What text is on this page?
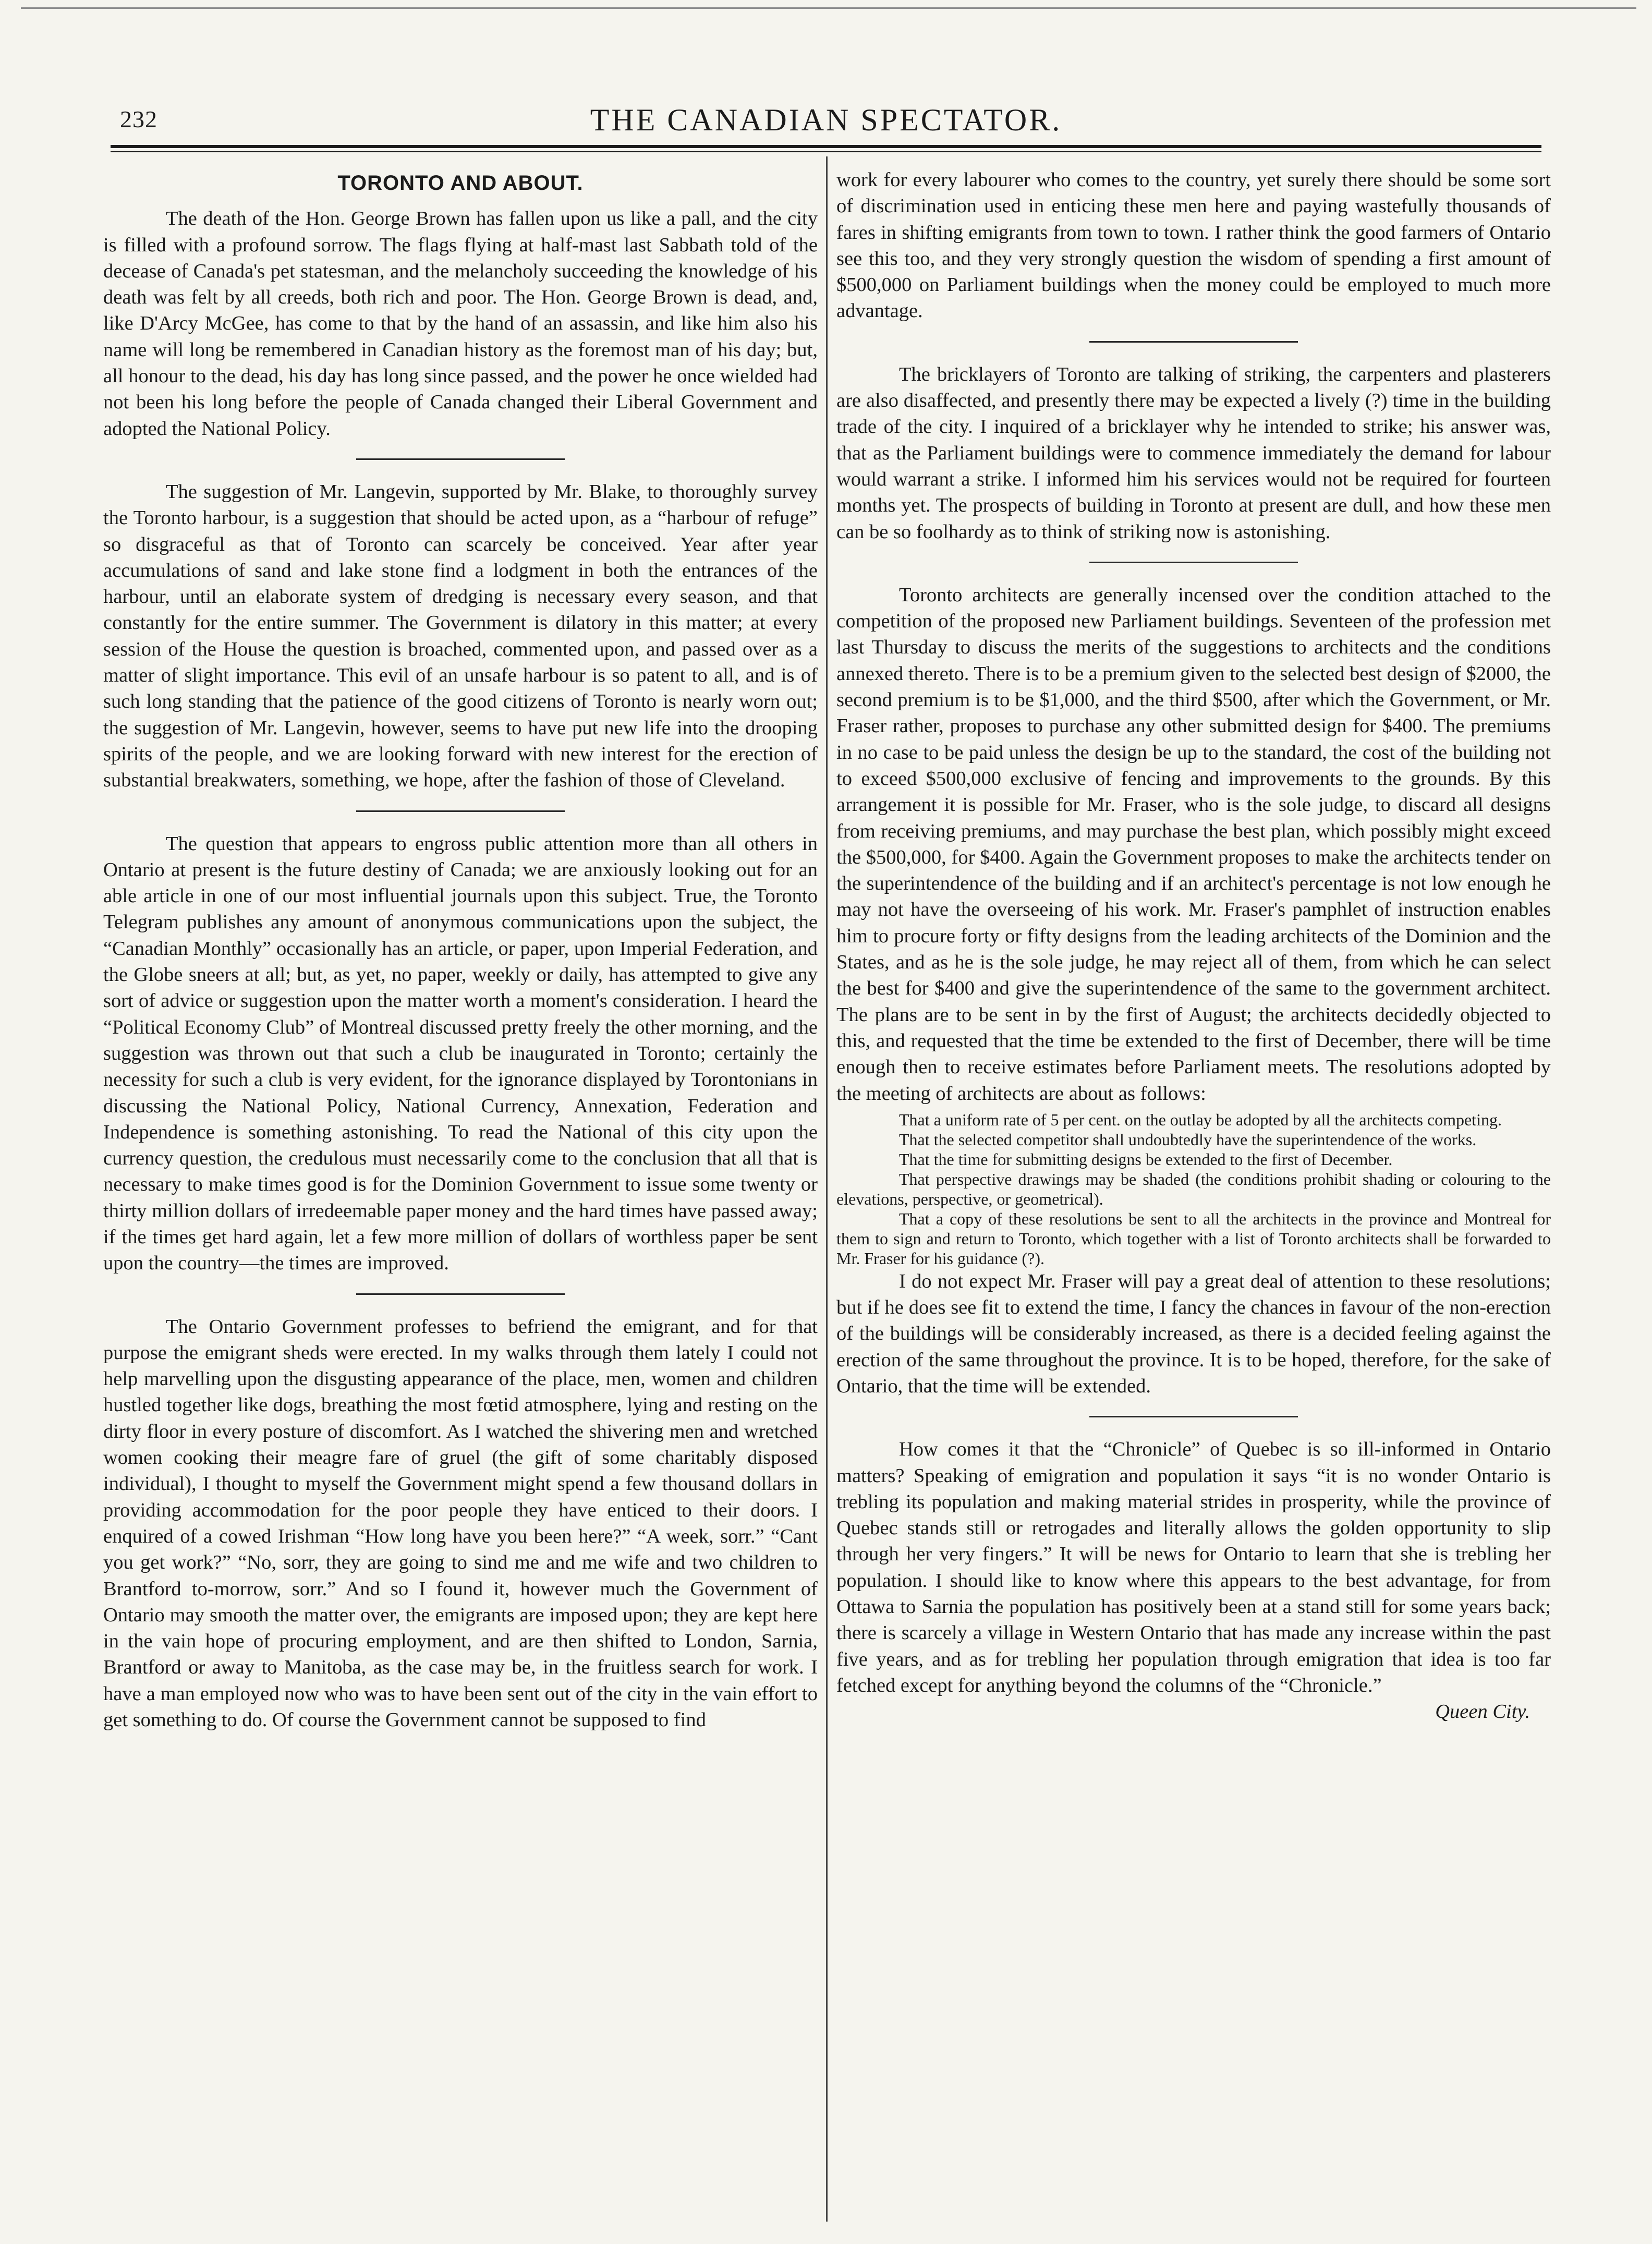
232	THE CANADIAN SPECTATOR.
TORONTO AND ABOUT.

The death of the Hon. George Brown has fallen upon us like a pall, and the city is filled with a profound sorrow. The flags flying at half-mast last Sabbath told of the decease of Canada's pet statesman, and the melancholy succeeding the knowledge of his death was felt by all creeds, both rich and poor. The Hon. George Brown is dead, and, like D'Arcy McGee, has come to that by the hand of an assassin, and like him also his name will long be remembered in Canadian history as the foremost man of his day; but, all honour to the dead, his day has long since passed, and the power he once wielded had not been his long before the people of Canada changed their Liberal Government and adopted the National Policy.

The suggestion of Mr. Langevin, supported by Mr. Blake, to thoroughly survey the Toronto harbour, is a suggestion that should be acted upon, as a “harbour of refuge” so disgraceful as that of Toronto can scarcely be conceived. Year after year accumulations of sand and lake stone find a lodgment in both the entrances of the harbour, until an elaborate system of dredging is necessary every season, and that constantly for the entire summer. The Government is dilatory in this matter; at every session of the House the question is broached, commented upon, and passed over as a matter of slight importance. This evil of an unsafe harbour is so patent to all, and is of such long standing that the patience of the good citizens of Toronto is nearly worn out; the suggestion of Mr. Langevin, however, seems to have put new life into the drooping spirits of the people, and we are looking forward with new interest for the erection of substantial breakwaters, something, we hope, after the fashion of those of Cleveland.

The question that appears to engross public attention more than all others in Ontario at present is the future destiny of Canada; we are anxiously looking out for an able article in one of our most influential journals upon this subject. True, the Toronto Telegram publishes any amount of anonymous communications upon the subject, the “Canadian Monthly” occasionally has an article, or paper, upon Imperial Federation, and the Globe sneers at all; but, as yet, no paper, weekly or daily, has attempted to give any sort of advice or suggestion upon the matter worth a moment's consideration. I heard the “Political Economy Club” of Montreal discussed pretty freely the other morning, and the suggestion was thrown out that such a club be inaugurated in Toronto; certainly the necessity for such a club is very evident, for the ignorance displayed by Torontonians in discussing the National Policy, National Currency, Annexation, Federation and Independence is something astonishing. To read the National of this city upon the currency question, the credulous must necessarily come to the conclusion that all that is necessary to make times good is for the Dominion Government to issue some twenty or thirty million dollars of irredeemable paper money and the hard times have passed away; if the times get hard again, let a few more million of dollars of worthless paper be sent upon the country—the times are improved.

The Ontario Government professes to befriend the emigrant, and for that purpose the emigrant sheds were erected. In my walks through them lately I could not help marvelling upon the disgusting appearance of the place, men, women and children hustled together like dogs, breathing the most fœtid atmosphere, lying and resting on the dirty floor in every posture of discomfort. As I watched the shivering men and wretched women cooking their meagre fare of gruel (the gift of some charitably disposed individual), I thought to myself the Government might spend a few thousand dollars in providing accommodation for the poor people they have enticed to their doors. I enquired of a cowed Irishman “How long have you been here?” “A week, sorr.” “Cant you get work?” “No, sorr, they are going to sind me and me wife and two children to Brantford to-morrow, sorr.” And so I found it, however much the Government of Ontario may smooth the matter over, the emigrants are imposed upon; they are kept here in the vain hope of procuring employment, and are then shifted to London, Sarnia, Brantford or away to Manitoba, as the case may be, in the fruitless search for work. I have a man employed now who was to have been sent out of the city in the vain effort to get something to do. Of course the Government cannot be supposed to find

work for every labourer who comes to the country, yet surely there should be some sort of discrimination used in enticing these men here and paying wastefully thousands of fares in shifting emigrants from town to town. I rather think the good farmers of Ontario see this too, and they very strongly question the wisdom of spending a first amount of $500,000 on Parliament buildings when the money could be employed to much more advantage.

The bricklayers of Toronto are talking of striking, the carpenters and plasterers are also disaffected, and presently there may be expected a lively (?) time in the building trade of the city. I inquired of a bricklayer why he intended to strike; his answer was, that as the Parliament buildings were to commence immediately the demand for labour would warrant a strike. I informed him his services would not be required for fourteen months yet. The prospects of building in Toronto at present are dull, and how these men can be so foolhardy as to think of striking now is astonishing.

Toronto architects are generally incensed over the condition attached to the competition of the proposed new Parliament buildings. Seventeen of the profession met last Thursday to discuss the merits of the suggestions to architects and the conditions annexed thereto. There is to be a premium given to the selected best design of $2000, the second premium is to be $1,000, and the third $500, after which the Government, or Mr. Fraser rather, proposes to purchase any other submitted design for $400. The premiums in no case to be paid unless the design be up to the standard, the cost of the building not to exceed $500,000 exclusive of fencing and improvements to the grounds. By this arrangement it is possible for Mr. Fraser, who is the sole judge, to discard all designs from receiving premiums, and may purchase the best plan, which possibly might exceed the $500,000, for $400. Again the Government proposes to make the architects tender on the superintendence of the building and if an architect's percentage is not low enough he may not have the overseeing of his work. Mr. Fraser's pamphlet of instruction enables him to procure forty or fifty designs from the leading architects of the Dominion and the States, and as he is the sole judge, he may reject all of them, from which he can select the best for $400 and give the superintendence of the same to the government architect. The plans are to be sent in by the first of August; the architects decidedly objected to this, and requested that the time be extended to the first of December, there will be time enough then to receive estimates before Parliament meets. The resolutions adopted by the meeting of architects are about as follows:

That a uniform rate of 5 per cent. on the outlay be adopted by all the architects competing.

That the selected competitor shall undoubtedly have the superintendence of the works.

That the time for submitting designs be extended to the first of December.

That perspective drawings may be shaded (the conditions prohibit shading or colouring to the elevations, perspective, or geometrical).

That a copy of these resolutions be sent to all the architects in the province and Montreal for them to sign and return to Toronto, which together with a list of Toronto architects shall be forwarded to Mr. Fraser for his guidance (?).

I do not expect Mr. Fraser will pay a great deal of attention to these resolutions; but if he does see fit to extend the time, I fancy the chances in favour of the non-erection of the buildings will be considerably increased, as there is a decided feeling against the erection of the same throughout the province. It is to be hoped, therefore, for the sake of Ontario, that the time will be extended.

How comes it that the “Chronicle” of Quebec is so ill-informed in Ontario matters? Speaking of emigration and population it says “it is no wonder Ontario is trebling its population and making material strides in prosperity, while the province of Quebec stands still or retrogades and literally allows the golden opportunity to slip through her very fingers.” It will be news for Ontario to learn that she is trebling her population. I should like to know where this appears to the best advantage, for from Ottawa to Sarnia the population has positively been at a stand still for some years back; there is scarcely a village in Western Ontario that has made any increase within the past five years, and as for trebling her population through emigration that idea is too far fetched except for anything beyond the columns of the “Chronicle.”

Queen City.
